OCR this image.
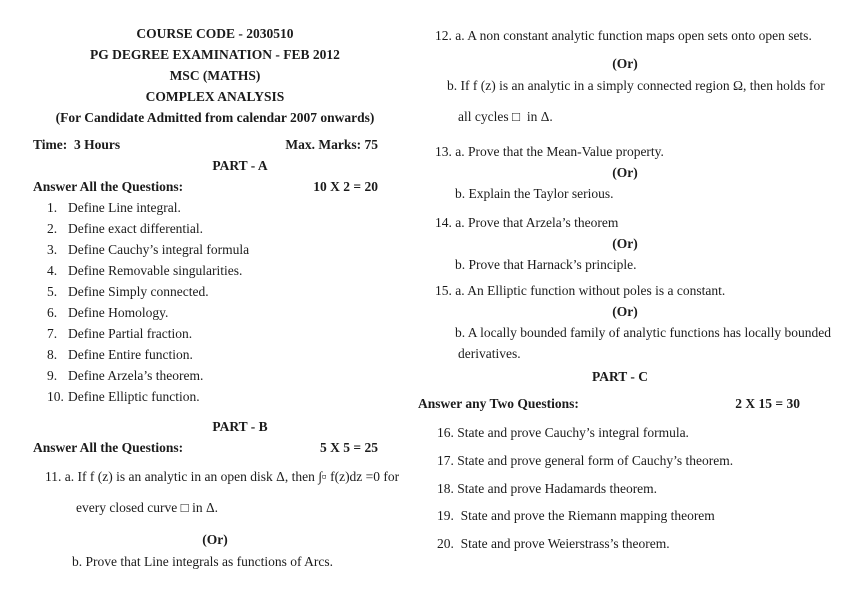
COURSE CODE - 2030510
PG DEGREE EXAMINATION - FEB 2012
MSC (MATHS)
COMPLEX ANALYSIS
(For Candidate Admitted from calendar 2007 onwards)
Time:  3 Hours	Max. Marks: 75
PART - A
Answer All the Questions:	10 X 2 = 20
1. Define Line integral.
2. Define exact differential.
3. Define Cauchy’s integral formula
4. Define Removable singularities.
5. Define Simply connected.
6. Define Homology.
7. Define Partial fraction.
8. Define Entire function.
9. Define Arzela’s theorem.
10. Define Elliptic function.
PART - B
Answer All the Questions:	5 X 5 = 25
11. a. If f (z) is an analytic in an open disk Δ, then ∫▫ f(z)dz =0 for
every closed curve □ in Δ.
(Or)
b. Prove that Line integrals as functions of Arcs.
12. a. A non constant analytic function maps open sets onto open sets.
(Or)
b. If f (z) is an analytic in a simply connected region Ω, then holds for
all cycles □  in Δ.
13. a. Prove that the Mean-Value property.
(Or)
b. Explain the Taylor serious.
14. a. Prove that Arzela’s theorem
(Or)
b. Prove that Harnack’s principle.
15. a. An Elliptic function without poles is a constant.
(Or)
b. A locally bounded family of analytic functions has locally bounded
derivatives.
PART - C
Answer any Two Questions:	2 X 15 = 30
16. State and prove Cauchy’s integral formula.
17. State and prove general form of Cauchy’s theorem.
18. State and prove Hadamards theorem.
19.  State and prove the Riemann mapping theorem
20.  State and prove Weierstrass’s theorem.
